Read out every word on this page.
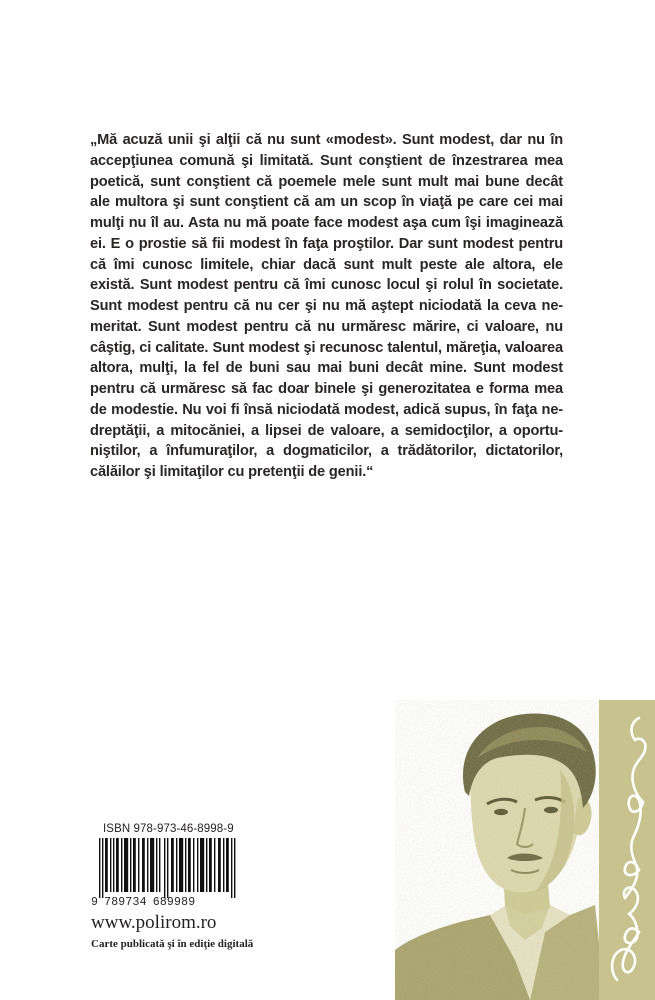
„Mă acuză unii şi alţii că nu sunt «modest». Sunt modest, dar nu în
accepţiunea comună şi limitată. Sunt conştient de înzestrarea mea
poetică, sunt conştient că poemele mele sunt mult mai bune decât
ale multora şi sunt conştient că am un scop în viaţă pe care cei mai
mulţi nu îl au. Asta nu mă poate face modest aşa cum îşi imaginează
ei. E o prostie să fii modest în faţa proştilor. Dar sunt modest pentru
că îmi cunosc limitele, chiar dacă sunt mult peste ale altora, ele
există. Sunt modest pentru că îmi cunosc locul şi rolul în societate.
Sunt modest pentru că nu cer şi nu mă aştept niciodată la ceva ne-
meritat. Sunt modest pentru că nu urmăresc mărire, ci valoare, nu
câştig, ci calitate. Sunt modest şi recunosc talentul, măreţia, valoarea
altora, mulţi, la fel de buni sau mai buni decât mine. Sunt modest
pentru că urmăresc să fac doar binele şi generozitatea e forma mea
de modestie. Nu voi fi însă niciodată modest, adică supus, în faţa ne-
dreptăţii, a mitocăniei, a lipsei de valoare, a semidocţilor, a oportu-
niştilor, a înfumuraţilor, a dogmaticilor, a trădătorilor, dictatorilor,
călăilor şi limitaţilor cu pretenţii de genii.“
ISBN 978-973-46-8998-9
9 789734 689989
www.polirom.ro
Carte publicată şi în ediţie digitală
